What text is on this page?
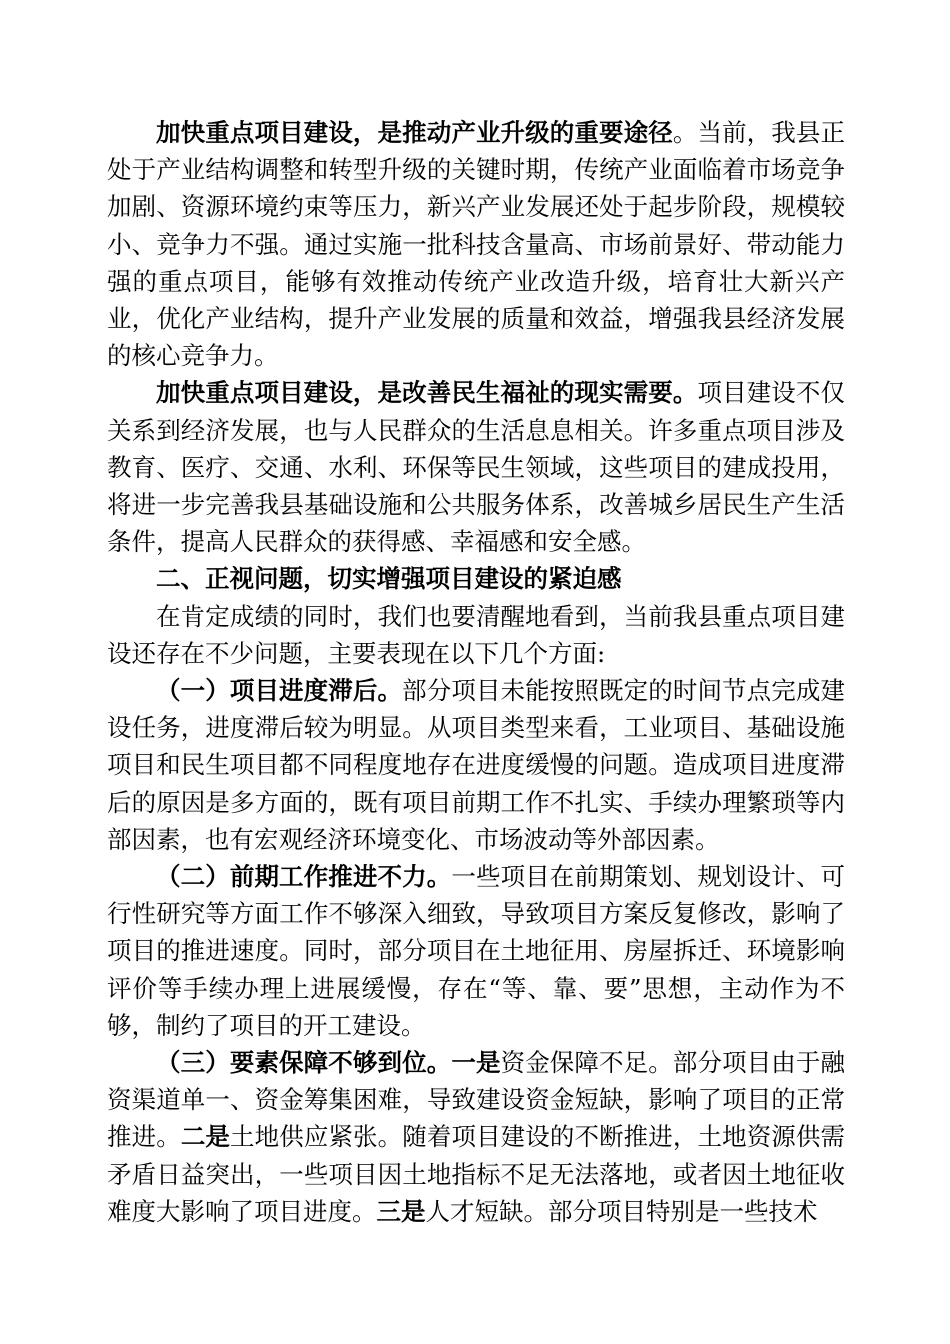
加快重点项目建设，是推动产业升级的重要途径。当前，我县正处于产业结构调整和转型升级的关键时期，传统产业面临着市场竞争加剧、资源环境约束等压力，新兴产业发展还处于起步阶段，规模较小、竞争力不强。通过实施一批科技含量高、市场前景好、带动能力强的重点项目，能够有效推动传统产业改造升级，培育壮大新兴产业，优化产业结构，提升产业发展的质量和效益，增强我县经济发展的核心竞争力。

加快重点项目建设，是改善民生福祉的现实需要。项目建设不仅关系到经济发展，也与人民群众的生活息息相关。许多重点项目涉及教育、医疗、交通、水利、环保等民生领域，这些项目的建成投用，将进一步完善我县基础设施和公共服务体系，改善城乡居民生产生活条件，提高人民群众的获得感、幸福感和安全感。

二、正视问题，切实增强项目建设的紧迫感

在肯定成绩的同时，我们也要清醒地看到，当前我县重点项目建设还存在不少问题，主要表现在以下几个方面:

（一）项目进度滞后。部分项目未能按照既定的时间节点完成建设任务，进度滞后较为明显。从项目类型来看，工业项目、基础设施项目和民生项目都不同程度地存在进度缓慢的问题。造成项目进度滞后的原因是多方面的，既有项目前期工作不扎实、手续办理繁琐等内部因素，也有宏观经济环境变化、市场波动等外部因素。

（二）前期工作推进不力。一些项目在前期策划、规划设计、可行性研究等方面工作不够深入细致，导致项目方案反复修改，影响了项目的推进速度。同时，部分项目在土地征用、房屋拆迁、环境影响评价等手续办理上进展缓慢，存在“等、靠、要”思想，主动作为不够，制约了项目的开工建设。

（三）要素保障不够到位。一是资金保障不足。部分项目由于融资渠道单一、资金筹集困难，导致建设资金短缺，影响了项目的正常推进。二是土地供应紧张。随着项目建设的不断推进，土地资源供需矛盾日益突出，一些项目因土地指标不足无法落地，或者因土地征收难度大影响了项目进度。三是人才短缺。部分项目特别是一些技术
